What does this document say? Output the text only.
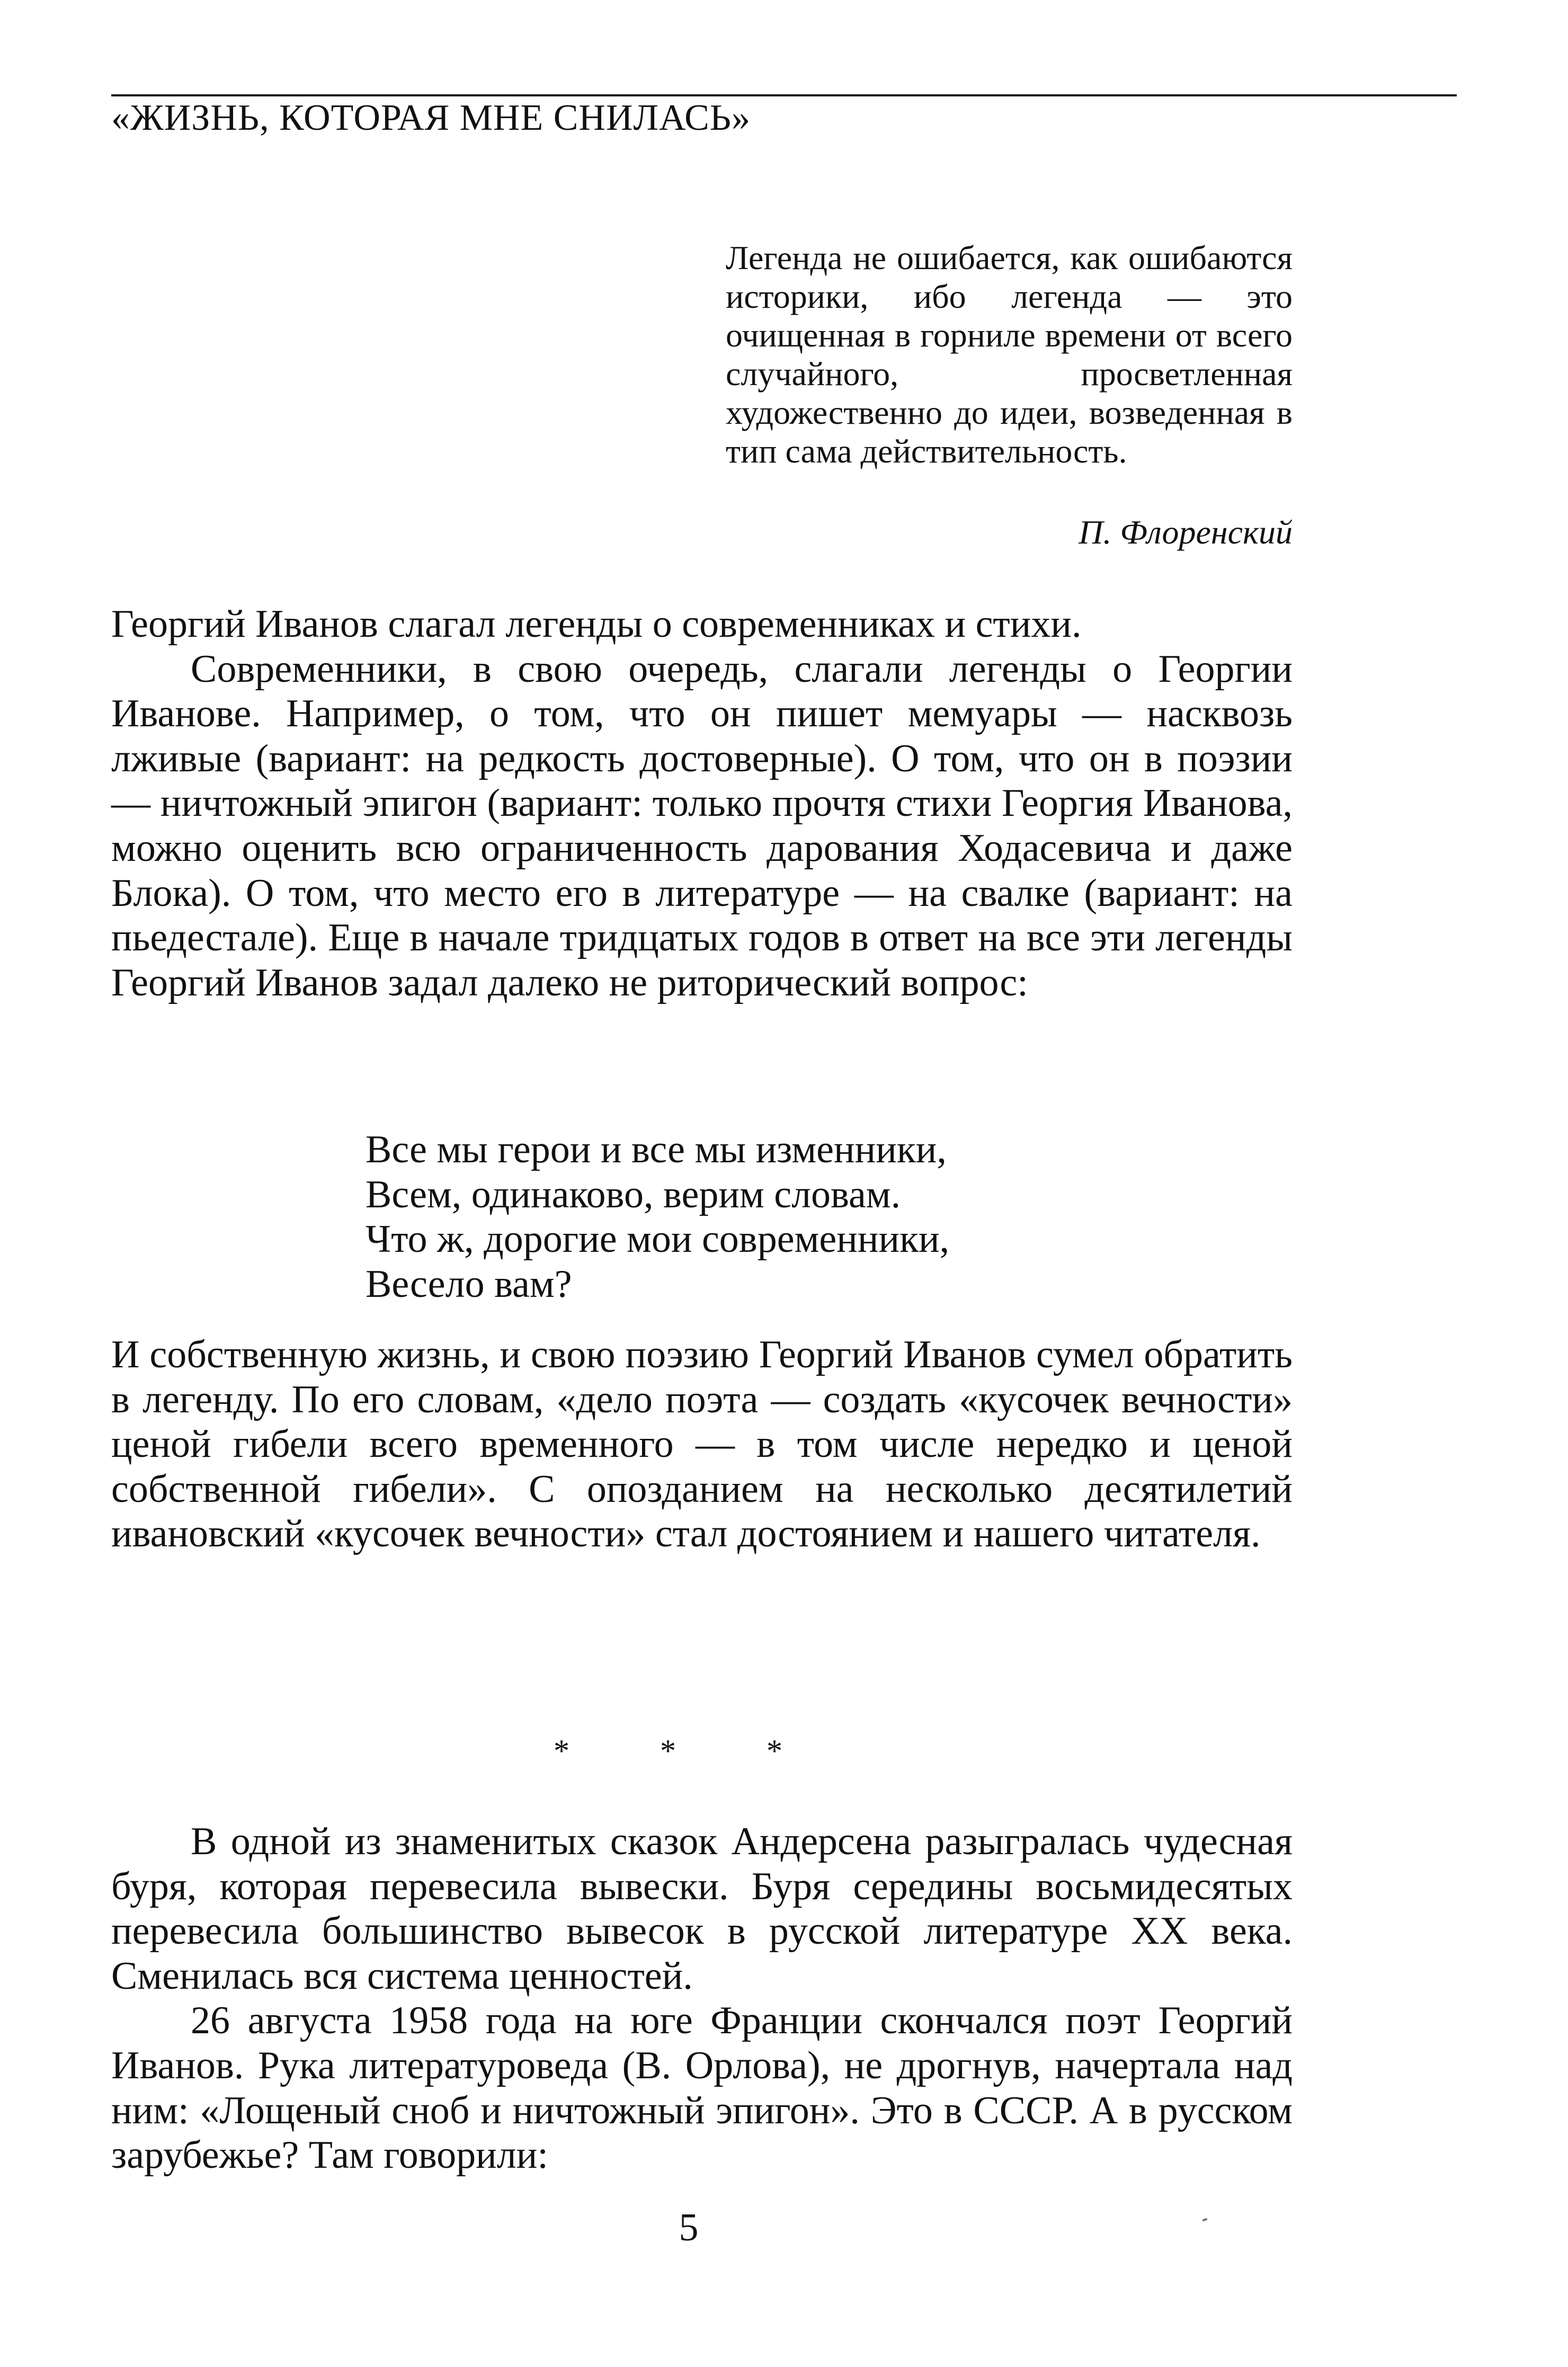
«ЖИЗНЬ, КОТОРАЯ МНЕ СНИЛАСЬ»
Легенда не ошибается, как ошибаются историки, ибо легенда — это очищенная в горниле времени от всего случайного, просветленная художественно до идеи, возведенная в тип сама действительность.
П. Флоренский

Георгий Иванов слагал легенды о современниках и стихи.

Современники, в свою очередь, слагали легенды о Георгии Иванове. Например, о том, что он пишет мемуары — насквозь лживые (вариант: на редкость достоверные). О том, что он в поэзии — ничтожный эпигон (вариант: только прочтя стихи Георгия Иванова, можно оценить всю ограниченность дарования Ходасевича и даже Блока). О том, что место его в литературе — на свалке (вариант: на пьедестале). Еще в начале тридцатых годов в ответ на все эти легенды Георгий Иванов задал далеко не риторический вопрос:

Все мы герои и все мы изменники,
Всем, одинаково, верим словам.
Что ж, дорогие мои современники,
Весело вам?

И собственную жизнь, и свою поэзию Георгий Иванов сумел обратить в легенду. По его словам, «дело поэта — создать «кусочек вечности» ценой гибели всего временного — в том числе нередко и ценой собственной гибели». С опозданием на несколько десятилетий ивановский «кусочек вечности» стал достоянием и нашего читателя.

* * *

В одной из знаменитых сказок Андерсена разыгралась чудесная буря, которая перевесила вывески. Буря середины восьмидесятых перевесила большинство вывесок в русской литературе XX века. Сменилась вся система ценностей.

26 августа 1958 года на юге Франции скончался поэт Георгий Иванов. Рука литературоведа (В. Орлова), не дрогнув, начертала над ним: «Лощеный сноб и ничтожный эпигон». Это в СССР. А в русском зарубежье? Там говорили:

5
